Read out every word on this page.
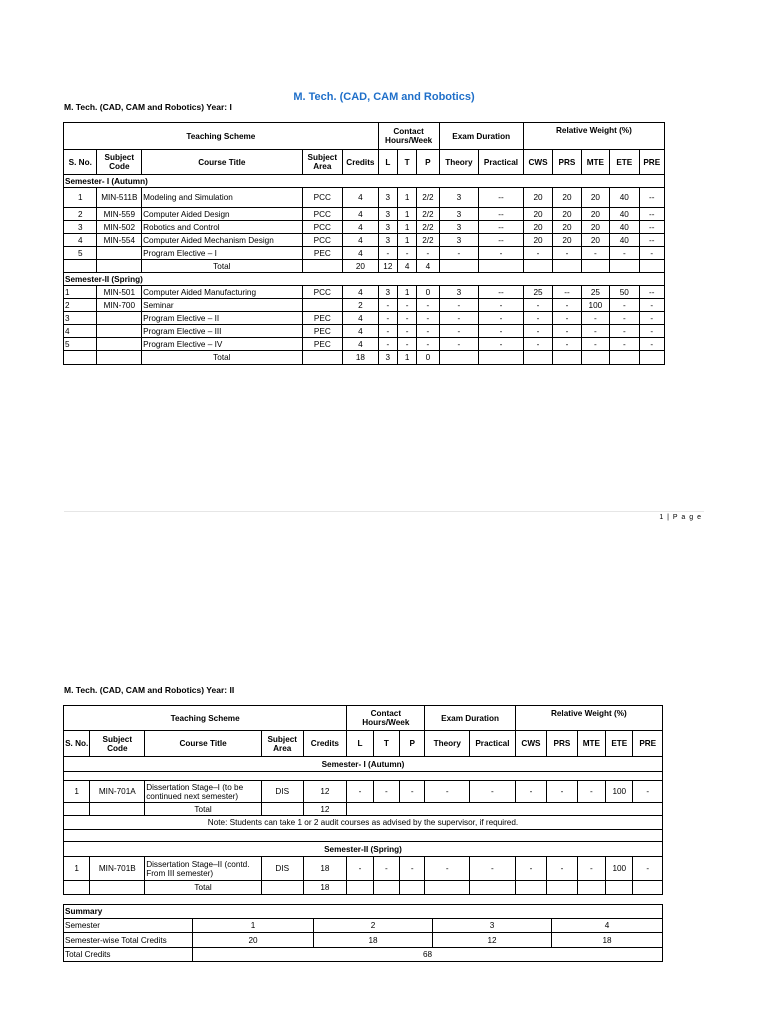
M. Tech. (CAD, CAM and Robotics)
M. Tech. (CAD, CAM and Robotics) Year: I
Teaching Scheme					Contact Hours/Week			Exam Duration		Relative Weight (%)				
S. No.	Subject Code	Course Title	Subject Area	Credits	L	T	P	Theory	Practical	CWS	PRS	MTE	ETE	PRE
Semester- I (Autumn)														
1	MIN-511B	Modeling and Simulation	PCC	4	3	1	2/2	3	--	20	20	20	40	--
2	MIN-559	Computer Aided Design	PCC	4	3	1	2/2	3	--	20	20	20	40	--
3	MIN-502	Robotics and Control	PCC	4	3	1	2/2	3	--	20	20	20	40	--
4	MIN-554	Computer Aided Mechanism Design	PCC	4	3	1	2/2	3	--	20	20	20	40	--
5		Program Elective – I	PEC	4	-	-	-	-	-	-	-	-	-	-
		Total		20	12	4	4							
Semester-II (Spring)														
1	MIN-501	Computer Aided Manufacturing	PCC	4	3	1	0	3	--	25	--	25	50	--
2	MIN-700	Seminar		2	-	-	-	-	-	-	-	100	-	-
3		Program Elective – II	PEC	4	-	-	-	-	-	-	-	-	-	-
4		Program Elective – III	PEC	4	-	-	-	-	-	-	-	-	-	-
5		Program Elective – IV	PEC	4	-	-	-	-	-	-	-	-	-	-
		Total		18	3	1	0							
1 | P a g e
M. Tech. (CAD, CAM and Robotics) Year: II
Teaching Scheme					Contact Hours/Week			Exam Duration		Relative Weight (%)				
S. No.	Subject Code	Course Title	Subject Area	Credits	L	T	P	Theory	Practical	CWS	PRS	MTE	ETE	PRE
Semester- I (Autumn)														

1	MIN-701A	Dissertation Stage–I (to be continued next semester)	DIS	12	-	-	-	-	-	-	-	-	100	-
		Total		12										
Note: Students can take 1 or 2 audit courses as advised by the supervisor, if required.														

Semester-II (Spring)														
1	MIN-701B	Dissertation Stage–II (contd. From III semester)	DIS	18	-	-	-	-	-	-	-	-	100	-
		Total		18										
Summary				
Semester	1	2	3	4
Semester-wise Total Credits	20	18	12	18
Total Credits	68			
